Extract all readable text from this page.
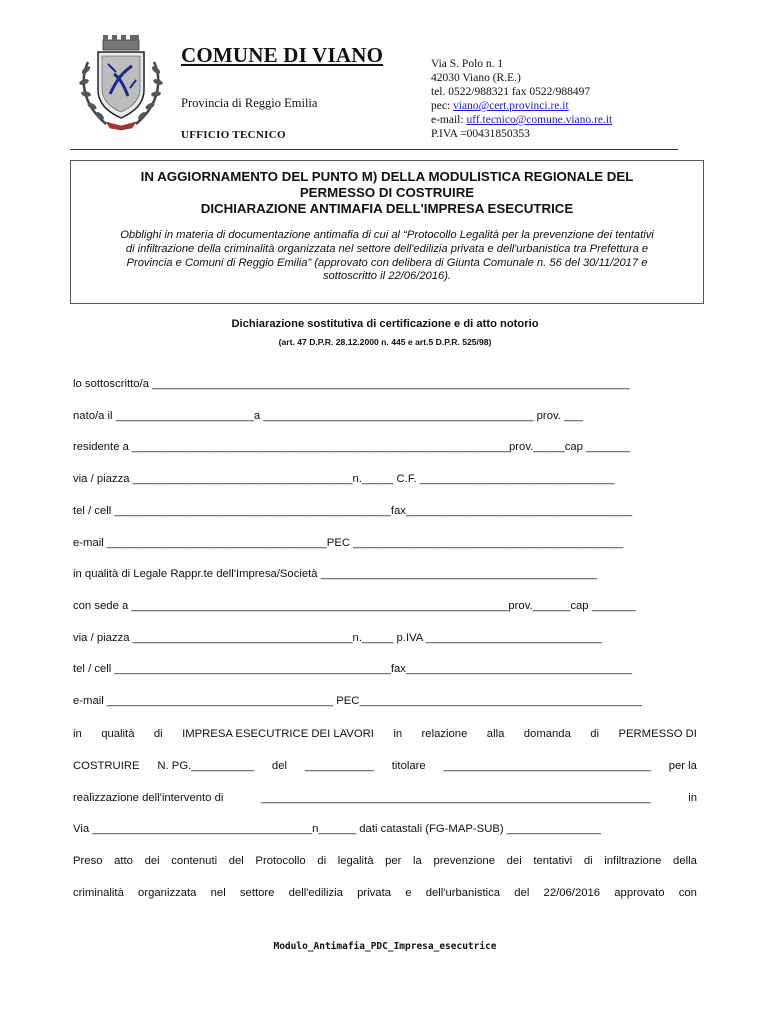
COMUNE DI VIANO
Provincia di Reggio Emilia
UFFICIO TECNICO
Via S. Polo n. 1
42030 Viano (R.E.)
tel. 0522/988321 fax 0522/988497
pec: viano@cert.provinci.re.it
e-mail: uff.tecnico@comune.viano.re.it
P.IVA =00431850353
IN AGGIORNAMENTO DEL PUNTO M) DELLA MODULISTICA REGIONALE DEL
PERMESSO DI COSTRUIRE
DICHIARAZIONE ANTIMAFIA DELL'IMPRESA ESECUTRICE
Obblighi in materia di documentazione antimafia di cui al “Protocollo Legalità per la prevenzione dei tentativi
di infiltrazione della criminalità organizzata nel settore dell'edilizia privata e dell'urbanistica tra Prefettura e
Provincia e Comuni di Reggio Emilia” (approvato con delibera di Giunta Comunale n. 56 del 30/11/2017 e
sottoscritto il 22/06/2016).
Dichiarazione sostitutiva di certificazione e di atto notorio
(art. 47 D.P.R. 28.12.2000 n. 445 e art.5 D.P.R. 525/98)
lo sottoscritto/a ____________________________________________________________________________
nato/a il ______________________a ___________________________________________ prov. ___
residente a ____________________________________________________________prov._____cap _______
via / piazza ___________________________________n._____ C.F. _______________________________
tel / cell ____________________________________________fax____________________________________
e-mail ___________________________________PEC ___________________________________________
in qualità di Legale Rappr.te dell'Impresa/Società ____________________________________________
con sede a ____________________________________________________________prov.______cap _______
via / piazza ___________________________________n._____ p.IVA ____________________________
tel / cell ____________________________________________fax____________________________________
e-mail ____________________________________ PEC_____________________________________________
in qualità di IMPRESA ESECUTRICE DEI LAVORI in relazione alla domanda di PERMESSO DI
COSTRUIRE N. PG.__________ del ___________ titolare _________________________________ per la
realizzazione dell'intervento di	______________________________________________________________	in
Via ___________________________________n______ dati catastali (FG-MAP-SUB) _______________
Preso atto dei contenuti del Protocollo di legalità per la prevenzione dei tentativi di infiltrazione della
criminalità organizzata nel settore dell'edilizia privata e dell'urbanistica del 22/06/2016 approvato con
Modulo_Antimafia_PDC_Impresa_esecutrice
